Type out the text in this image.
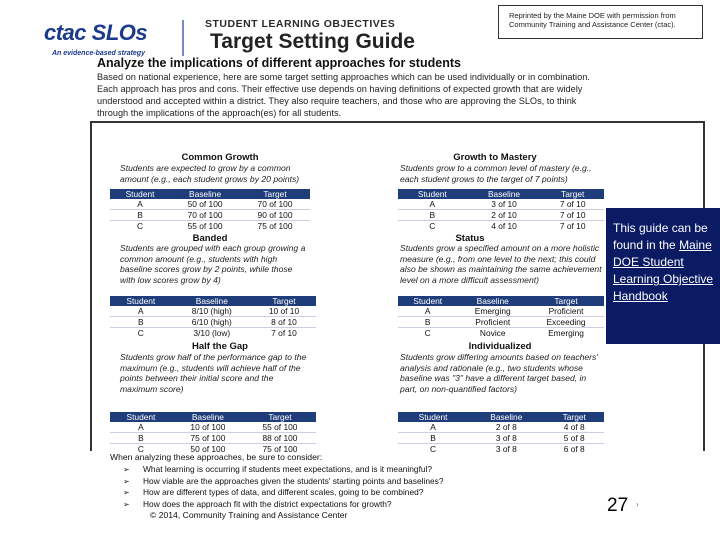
ctac SLOs
An evidence-based strategy
STUDENT LEARNING OBJECTIVES
Target Setting Guide
Reprinted by the Maine DOE with permission from Community Training and Assistance Center (ctac).
Analyze the implications of different approaches for students
Based on national experience, here are some target setting approaches which can be used individually or in combination. Each approach has pros and cons. Their effective use depends on having definitions of expected growth that are widely understood and accepted within a district. They also require teachers, and those who are approving the SLOs, to think through the implications of the approach(es) for all students.
Common Growth
Students are expected to grow by a common amount (e.g., each student grows by 20 points)
Student	Baseline	Target
A	50 of 100	70 of 100
B	70 of 100	90 of 100
C	55 of 100	75 of 100
Growth to Mastery
Students grow to a common level of mastery (e.g., each student grows to the target of 7 points)
Student	Baseline	Target
A	3 of 10	7 of 10
B	2 of 10	7 of 10
C	4 of 10	7 of 10
Banded
Students are grouped with each group growing a common amount (e.g., students with high baseline scores grow by 2 points, while those with low scores grow by 4)
Student	Baseline	Target
A	8/10 (high)	10 of 10
B	6/10 (high)	8 of 10
C	3/10 (low)	7 of 10
Status
Students grow a specified amount on a more holistic measure (e.g., from one level to the next; this could also be shown as maintaining the same achievement level on a more difficult assessment)
Student	Baseline	Target
A	Emerging	Proficient
B	Proficient	Exceeding
C	Novice	Emerging
Half the Gap
Students grow half of the performance gap to the maximum (e.g., students will achieve half of the points between their initial score and the maximum score)
Student	Baseline	Target
A	10 of 100	55 of 100
B	75 of 100	88 of 100
C	50 of 100	75 of 100
Individualized
Students grow differing amounts based on teachers' analysis and rationale (e.g., two students whose baseline was "3" have a different target based, in part, on non-quantified factors)
Student	Baseline	Target
A	2 of 8	4 of 8
B	3 of 8	5 of 8
C	3 of 8	6 of 8
When analyzing these approaches, be sure to consider:
➢ What learning is occurring if students meet expectations, and is it meaningful?
➢ How viable are the approaches given the students' starting points and baselines?
➢ How are different types of data, and different scales, going to be combined?
➢ How does the approach fit with the district expectations for growth?
© 2014, Community Training and Assistance Center
This guide can be found in the Maine DOE Student Learning Objective Handbook
27 ›
